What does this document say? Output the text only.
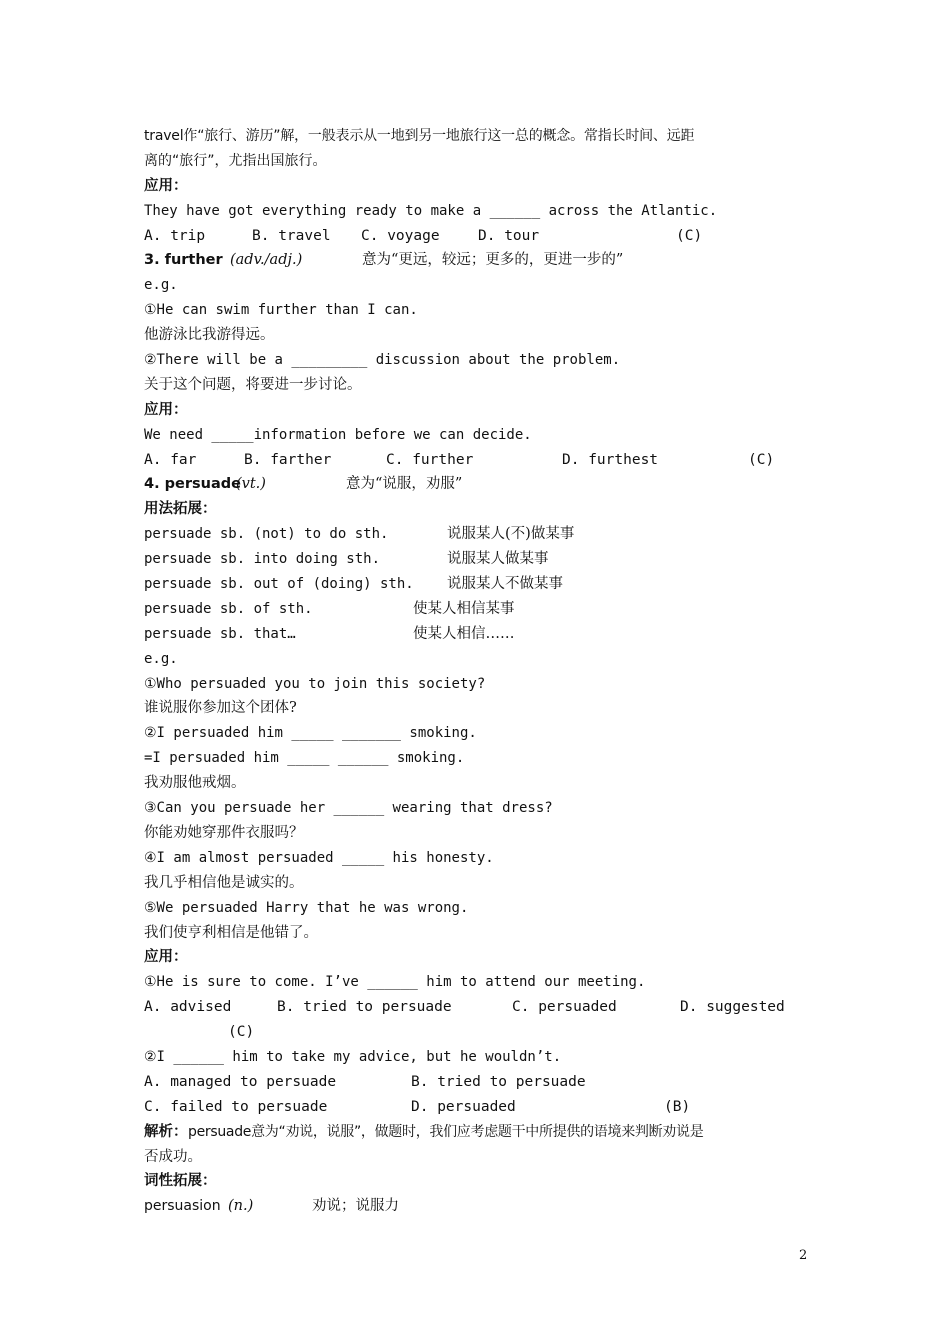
travel作“旅行、游历”解，一般表示从一地到另一地旅行这一总的概念。常指长时间、远距
离的“旅行”，尤指出国旅行。
应用：
They have got everything ready to make a ______ across the Atlantic.
A. trip	B. travel C. voyage	D. tour	(C)
3. further (adv./adj.)	意为“更远，较远；更多的，更进一步的”
e.g.
①He can swim further than I can.
他游泳比我游得远。
②There will be a _________ discussion about the problem.
关于这个问题，将要进一步讨论。
应用：
We need _____information before we can decide.
A. far	B. farther	C. further	D. furthest	(C)
4. persuade
(vt.)	意为“说服，劝服”
用法拓展：
persuade sb. (not) to do sth.	说服某人(不)做某事
persuade sb. into doing sth.	说服某人做某事
persuade sb. out of (doing) sth. 说服某人不做某事
persuade sb. of sth.	使某人相信某事
persuade sb. that…	使某人相信……
e.g.
①Who persuaded you to join this society?
谁说服你参加这个团体?
②I persuaded him _____ _______ smoking.
=I persuaded him _____ ______ smoking.
我劝服他戒烟。
③Can you persuade her ______ wearing that dress?
你能劝她穿那件衣服吗？
④I am almost persuaded _____ his honesty.
我几乎相信他是诚实的。
⑤We persuaded Harry that he was wrong.
我们使亨利相信是他错了。
应用：
①He is sure to come. I’ve ______ him to attend our meeting.
A. advised	B. tried to persuade	C. persuaded	D. suggested
(C)
②I ______ him to take my advice, but he wouldn’t.
A. managed to persuade	B. tried to persuade
C. failed to persuade	D. persuaded	(B)
解析： persuade意为“劝说，说服”，做题时，我们应考虑题干中所提供的语境来判断劝说是
否成功。
词性拓展：
persuasion (n.)	劝说；说服力
2
